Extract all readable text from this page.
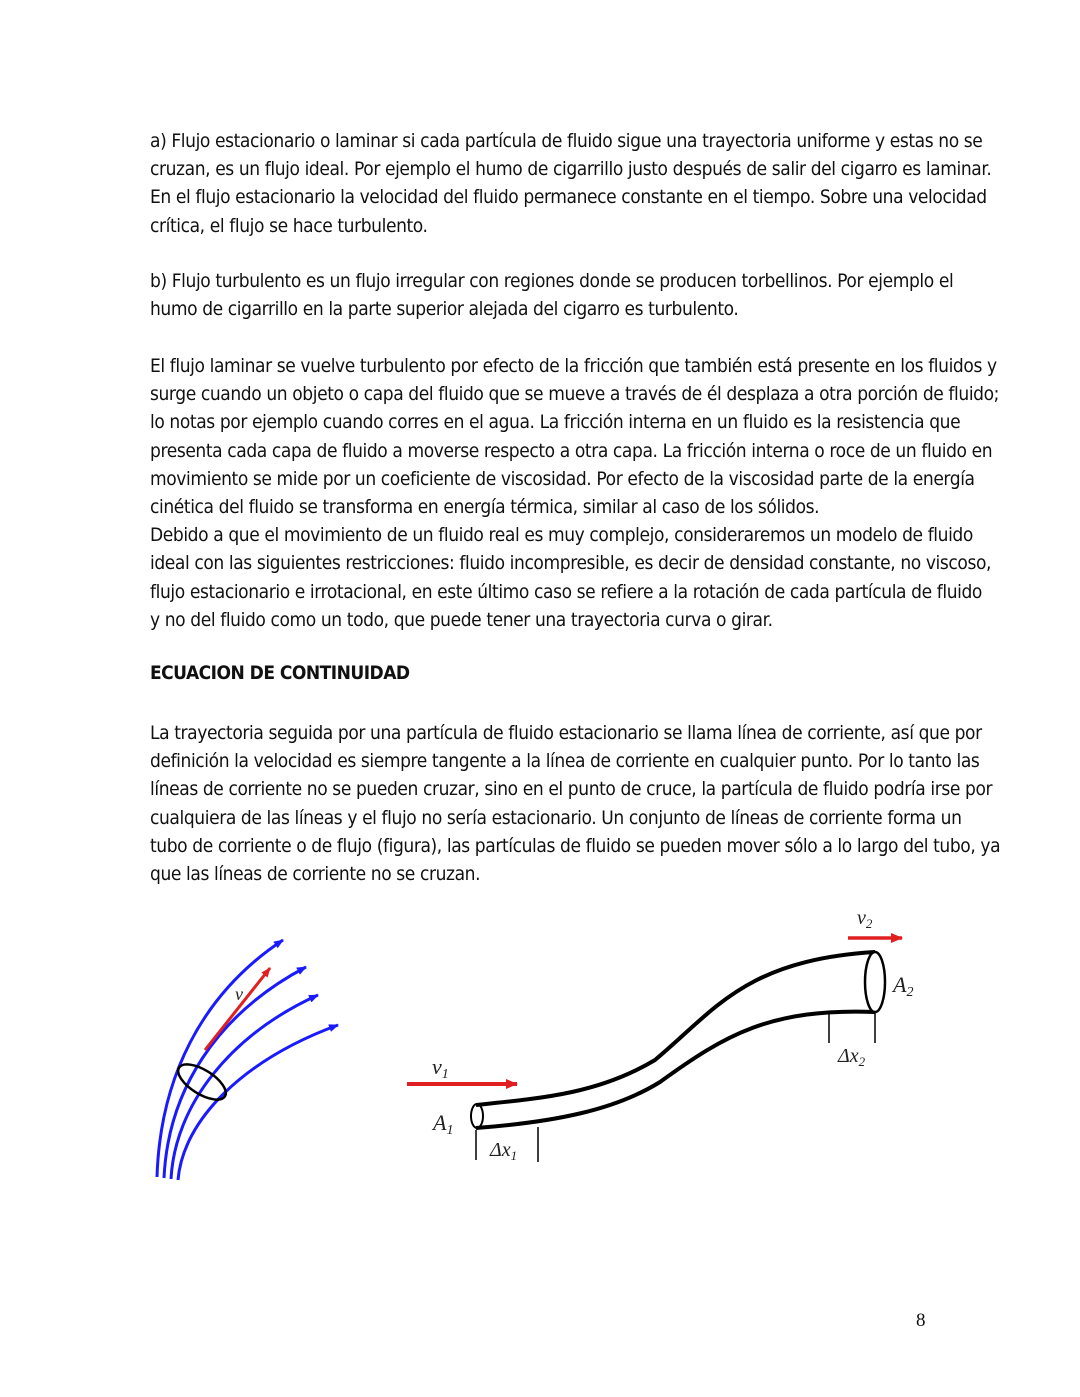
a) Flujo estacionario o laminar si cada partícula de fluido sigue una trayectoria uniforme y estas no se
cruzan, es un flujo ideal. Por ejemplo el humo de cigarrillo justo después de salir del cigarro es laminar.
En el flujo estacionario la velocidad del fluido permanece constante en el tiempo. Sobre una velocidad
crítica, el flujo se hace turbulento.
b) Flujo turbulento es un flujo irregular con regiones donde se producen torbellinos. Por ejemplo el
humo de cigarrillo en la parte superior alejada del cigarro es turbulento.
El flujo laminar se vuelve turbulento por efecto de la fricción que también está presente en los fluidos y
surge cuando un objeto o capa del fluido que se mueve a través de él desplaza a otra porción de fluido;
lo notas por ejemplo cuando corres en el agua. La fricción interna en un fluido es la resistencia que
presenta cada capa de fluido a moverse respecto a otra capa. La fricción interna o roce de un fluido en
movimiento se mide por un coeficiente de viscosidad. Por efecto de la viscosidad parte de la energía
cinética del fluido se transforma en energía térmica, similar al caso de los sólidos.
Debido a que el movimiento de un fluido real es muy complejo, consideraremos un modelo de fluido
ideal con las siguientes restricciones: fluido incompresible, es decir de densidad constante, no viscoso,
flujo estacionario e irrotacional, en este último caso se refiere a la rotación de cada partícula de fluido
y no del fluido como un todo, que puede tener una trayectoria curva o girar.
ECUACION DE CONTINUIDAD
La trayectoria seguida por una partícula de fluido estacionario se llama línea de corriente, así que por
definición la velocidad es siempre tangente a la línea de corriente en cualquier punto. Por lo tanto las
líneas de corriente no se pueden cruzar, sino en el punto de cruce, la partícula de fluido podría irse por
cualquiera de las líneas y el flujo no sería estacionario. Un conjunto de líneas de corriente forma un
tubo de corriente o de flujo (figura), las partículas de fluido se pueden mover sólo a lo largo del tubo, ya
que las líneas de corriente no se cruzan.
v
v1
A1
$\Delta x_1$
$v_2$
A2
$\Delta x_2$
8
